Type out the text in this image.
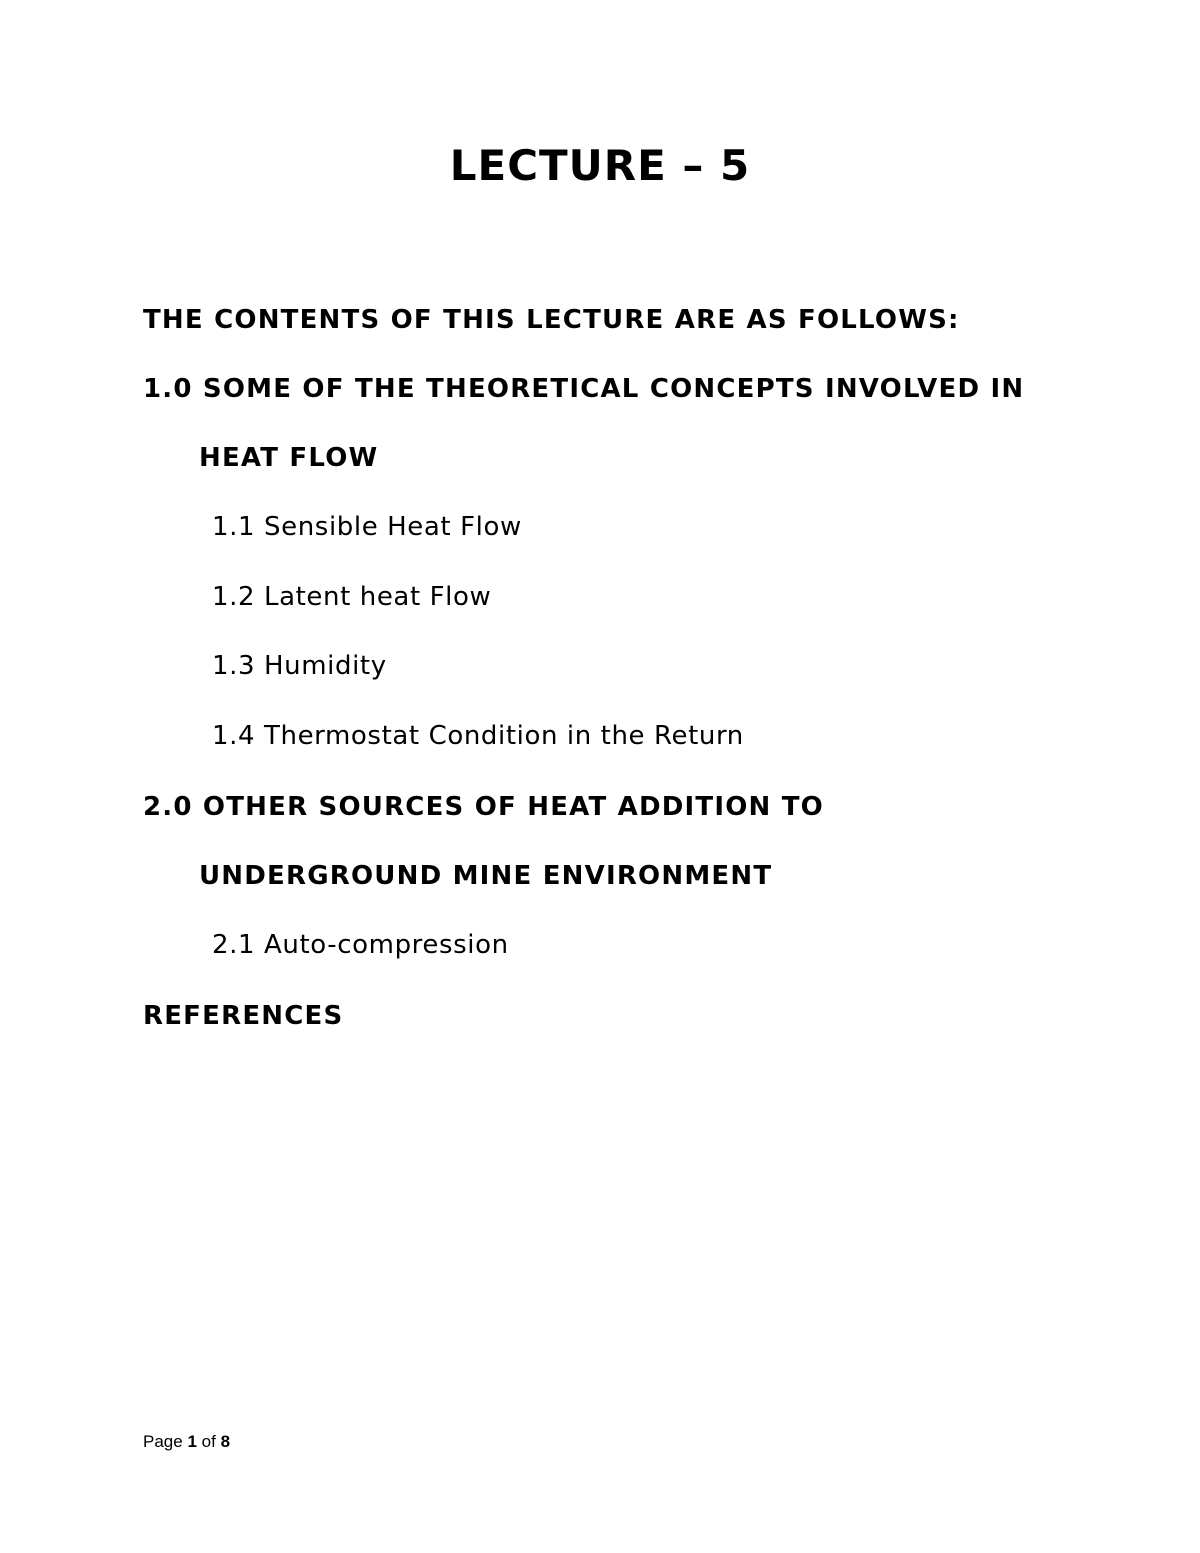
LECTURE – 5
THE CONTENTS OF THIS LECTURE ARE AS FOLLOWS:
1.0 SOME OF THE THEORETICAL CONCEPTS INVOLVED IN
HEAT FLOW
1.1 Sensible Heat Flow
1.2 Latent heat Flow
1.3 Humidity
1.4 Thermostat Condition in the Return
2.0 OTHER SOURCES OF HEAT ADDITION TO
UNDERGROUND MINE ENVIRONMENT
2.1 Auto-compression
REFERENCES
Page 1 of 8
